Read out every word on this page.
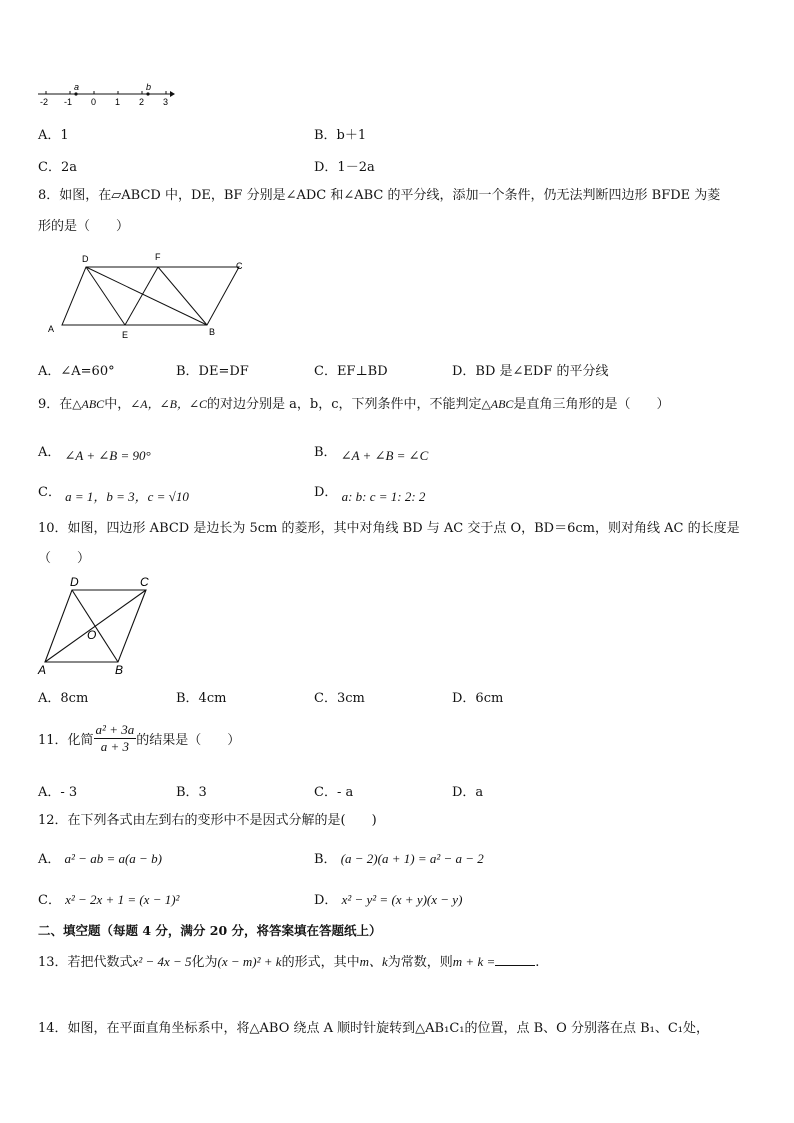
a	b
-2 -1 0 1 2 3
A．1	B．b＋1
C．2a	D．1－2a
8．如图，在▱ABCD 中，DE，BF 分别是∠ADC 和∠ABC 的平分线，添加一个条件，仍无法判断四边形 BFDE 为菱
形的是（　　）
A	B
C
D
E
F
A．∠A=60°	B．DE=DF	C．EF⊥BD	D．BD 是∠EDF 的平分线
9．在△ABC中，∠A，∠B，∠C的对边分别是 a，b，c，下列条件中，不能判定△ABC是直角三角形的是（　　）
A． ∠A + ∠B = 90°	B． ∠A + ∠B = ∠C
C． a = 1，b = 3，c = √10	D． a: b: c = 1: 2: 2
10．如图，四边形 ABCD 是边长为 5cm 的菱形，其中对角线 BD 与 AC 交于点 O，BD＝6cm，则对角线 AC 的长度是
（　　）
A	B
C
D
O
A．8cm	B．4cm	C．3cm	D．6cm
11．化简 $\frac{\text{a² + 3a}}{a + 3}$ 的结果是（　　）
A．- 3	B．3	C．- a	D．a
12．在下列各式由左到右的变形中不是因式分解的是(　　)
A． a² − ab = a(a − b)	B． (a − 2)(a + 1) = a² − a − 2
C． x² − 2x + 1 = (x − 1)²	D． x² − y² = (x + y)(x − y)
二、填空题（每题 4 分，满分 20 分，将答案填在答题纸上）
13．若把代数式x² − 4x − 5化为(x − m)² + k的形式，其中m、k为常数，则m + k =	.
14．如图，在平面直角坐标系中，将△ABO 绕点 A 顺时针旋转到△AB₁C₁的位置，点 B、O 分别落在点 B₁、C₁处，
